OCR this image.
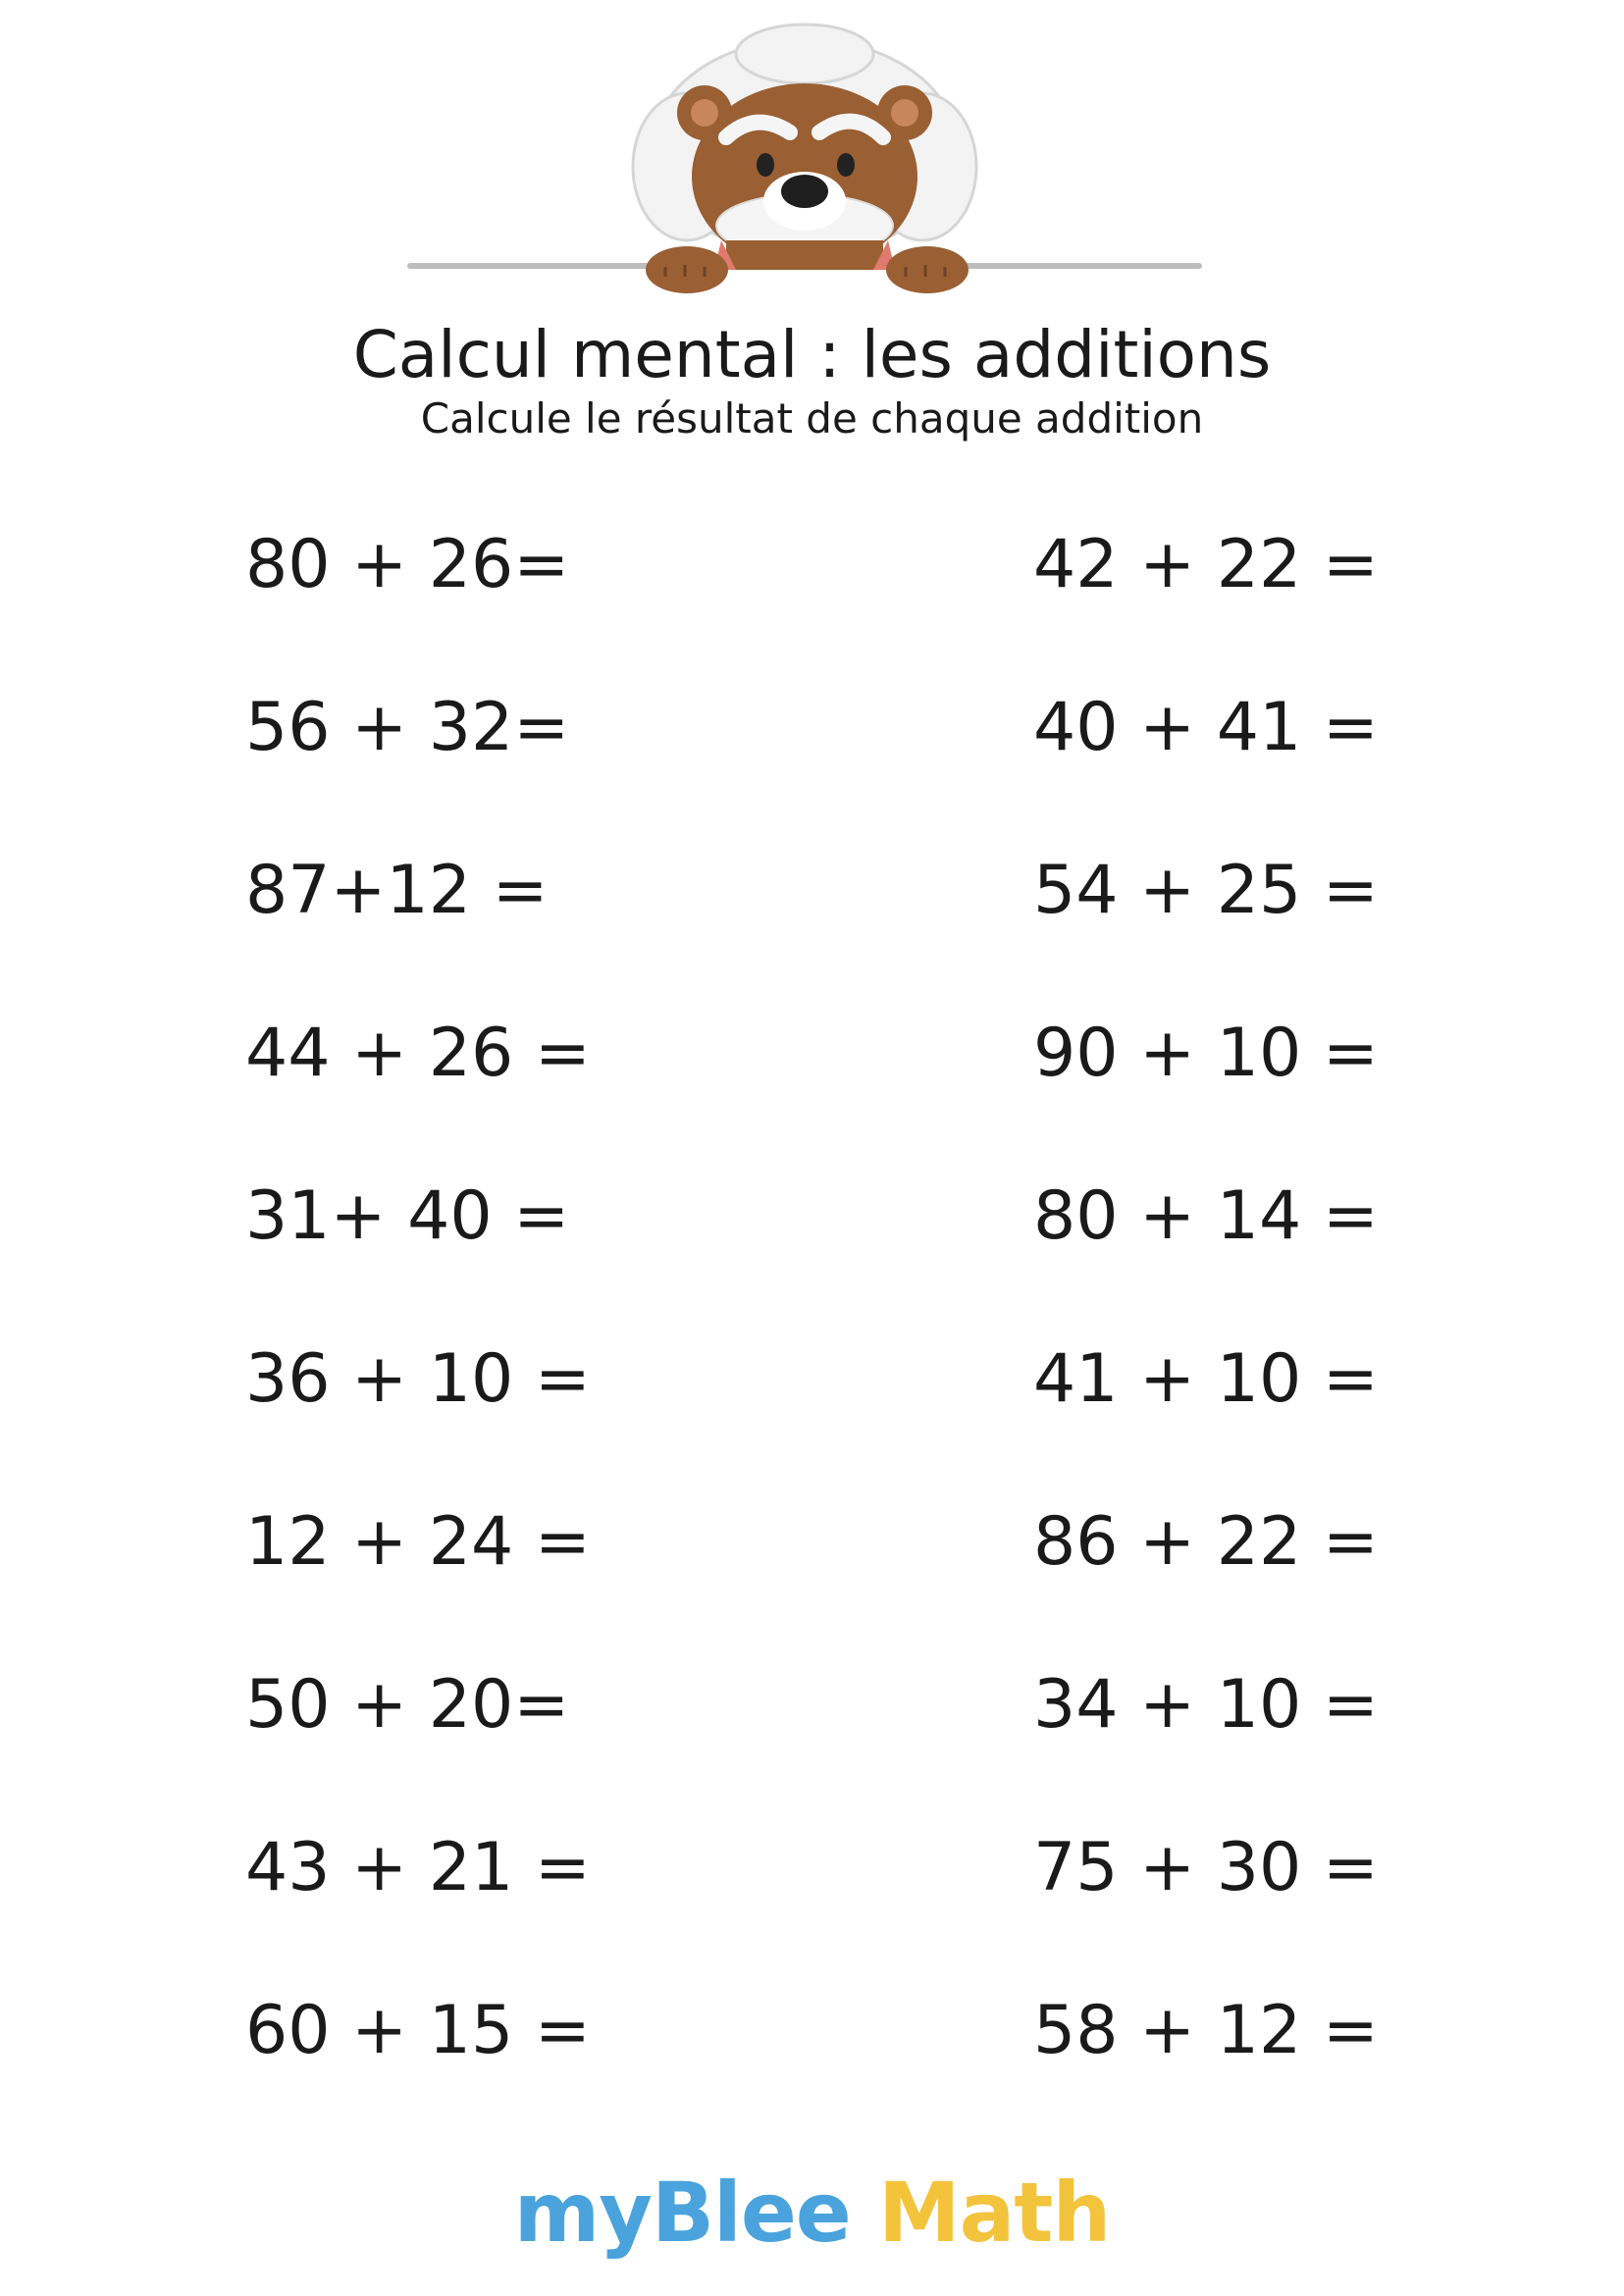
Calcul mental : les additions
Calcule le résultat de chaque addition
80 + 26=
56 + 32=
87+12 =
44 + 26 =
31+ 40 =
36 + 10 =
12 + 24 =
50 + 20=
43 + 21 =
60 + 15 =
42 + 22 =
40 + 41 =
54 + 25 =
90 + 10 =
80 + 14 =
41 + 10 =
86 + 22 =
34 + 10 =
75 + 30 =
58 + 12 =
myBlee Math
